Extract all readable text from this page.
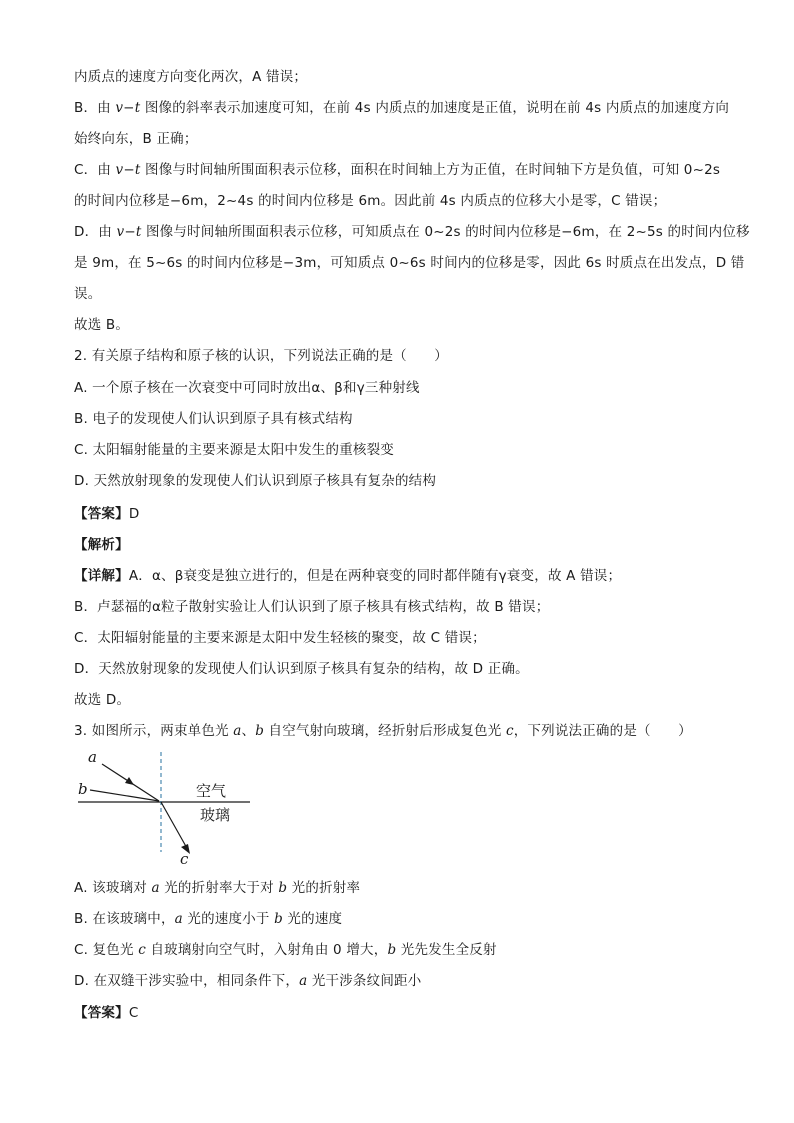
内质点的速度方向变化两次，A 错误；
B．由 v−t 图像的斜率表示加速度可知，在前 4s 内质点的加速度是正值，说明在前 4s 内质点的加速度方向
始终向东，B 正确；
C．由 v−t 图像与时间轴所围面积表示位移，面积在时间轴上方为正值，在时间轴下方是负值，可知 0~2s
的时间内位移是−6m，2~4s 的时间内位移是 6m。因此前 4s 内质点的位移大小是零，C 错误；
D．由 v−t 图像与时间轴所围面积表示位移，可知质点在 0~2s 的时间内位移是−6m，在 2~5s 的时间内位移
是 9m，在 5~6s 的时间内位移是−3m，可知质点 0~6s 时间内的位移是零，因此 6s 时质点在出发点，D 错
误。
故选 B。
2. 有关原子结构和原子核的认识，下列说法正确的是（　　）
A. 一个原子核在一次衰变中可同时放出α、β和γ三种射线
B. 电子的发现使人们认识到原子具有核式结构
C. 太阳辐射能量的主要来源是太阳中发生的重核裂变
D. 天然放射现象的发现使人们认识到原子核具有复杂的结构
【答案】D
【解析】
【详解】A．α、β衰变是独立进行的，但是在两种衰变的同时都伴随有γ衰变，故 A 错误；
B．卢瑟福的α粒子散射实验让人们认识到了原子核具有核式结构，故 B 错误；
C．太阳辐射能量的主要来源是太阳中发生轻核的聚变，故 C 错误；
D．天然放射现象的发现使人们认识到原子核具有复杂的结构，故 D 正确。
故选 D。
3. 如图所示，两束单色光 a、b 自空气射向玻璃，经折射后形成复色光 c，下列说法正确的是（　　）
a
b
c
空气
玻璃
A. 该玻璃对 a 光的折射率大于对 b 光的折射率
B. 在该玻璃中，a 光的速度小于 b 光的速度
C. 复色光 c 自玻璃射向空气时，入射角由 0 增大，b 光先发生全反射
D. 在双缝干涉实验中，相同条件下，a 光干涉条纹间距小
【答案】C
